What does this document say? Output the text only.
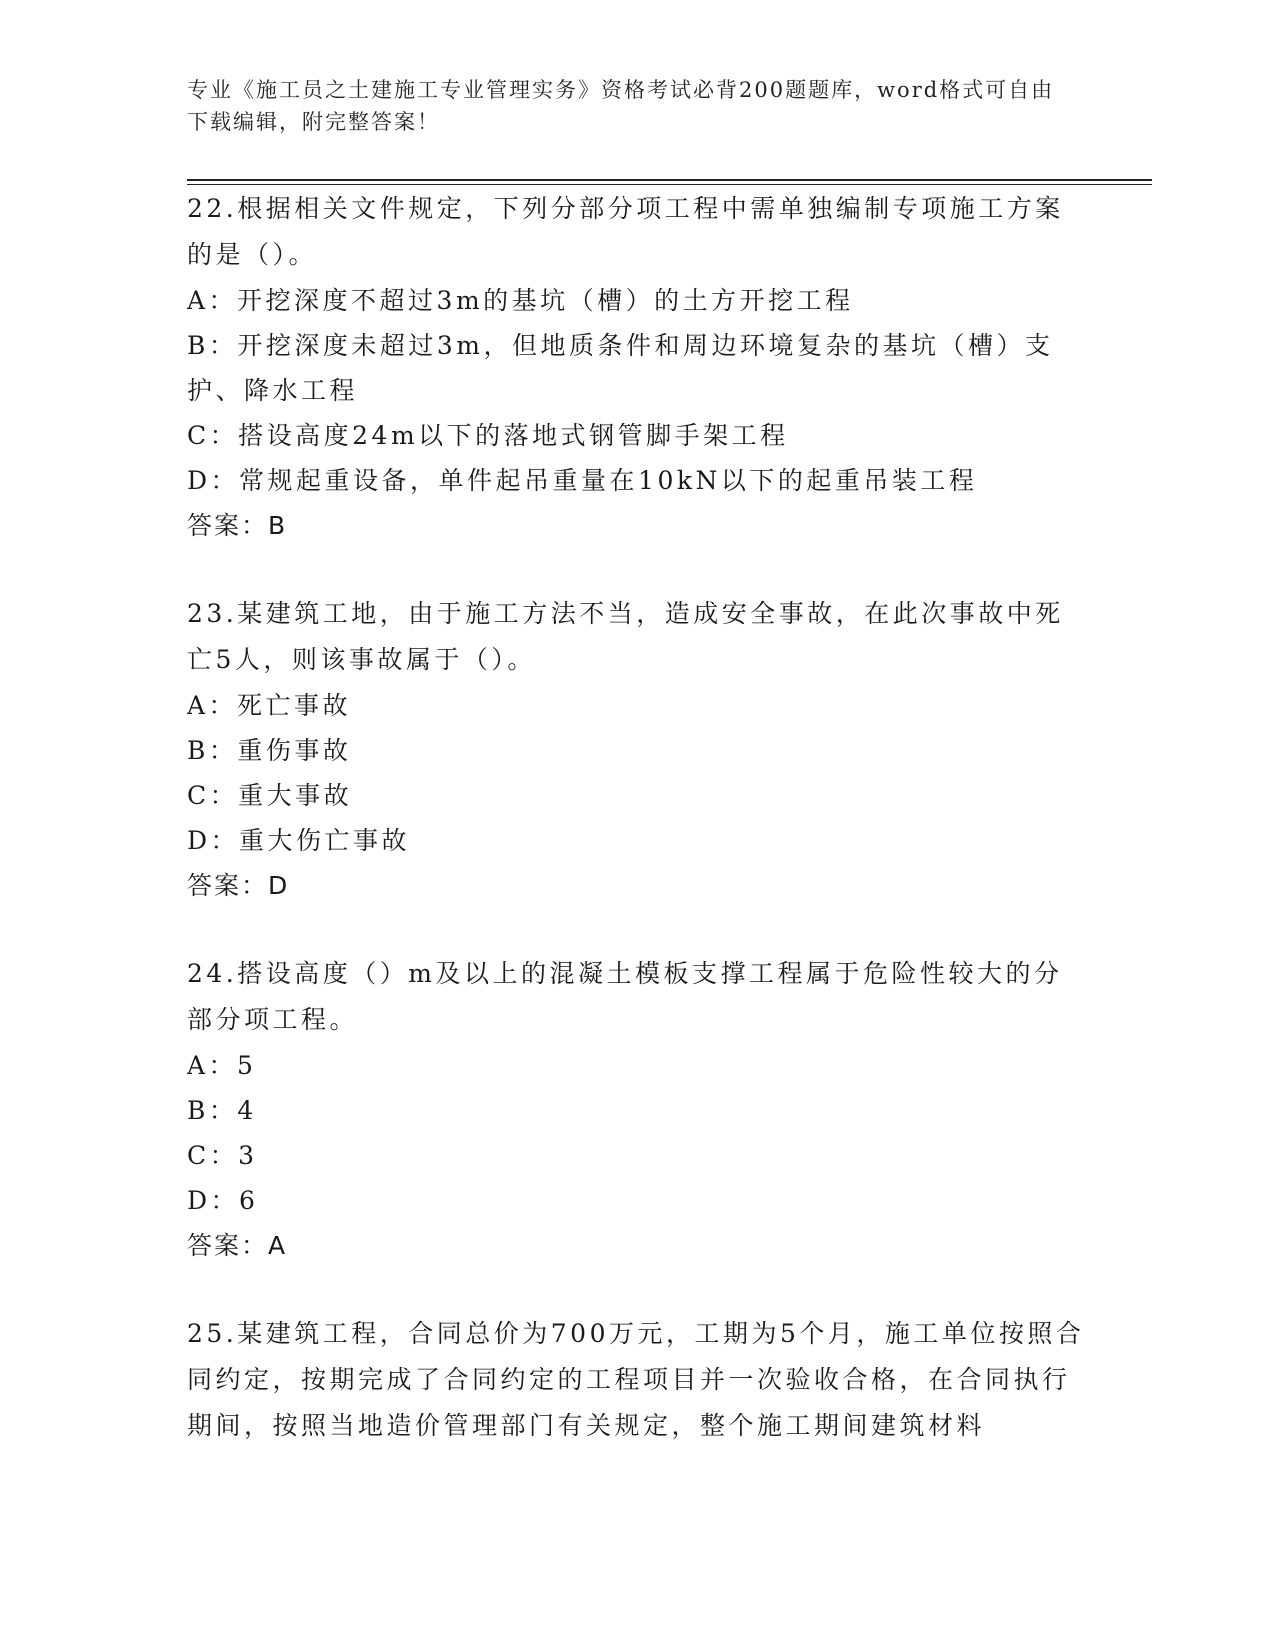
专业《施工员之土建施工专业管理实务》资格考试必背200题题库，word格式可自由下载编辑，附完整答案！

22.根据相关文件规定，下列分部分项工程中需单独编制专项施工方案的是（）。

A：开挖深度不超过3m的基坑（槽）的土方开挖工程

B：开挖深度未超过3m，但地质条件和周边环境复杂的基坑（槽）支护、降水工程

C：搭设高度24m以下的落地式钢管脚手架工程

D：常规起重设备，单件起吊重量在10kN以下的起重吊装工程

答案：B

23.某建筑工地，由于施工方法不当，造成安全事故，在此次事故中死亡5人，则该事故属于（）。

A：死亡事故

B：重伤事故

C：重大事故

D：重大伤亡事故

答案：D

24.搭设高度（）m及以上的混凝土模板支撑工程属于危险性较大的分部分项工程。

A：5

B：4

C：3

D：6

答案：A

25.某建筑工程，合同总价为700万元，工期为5个月，施工单位按照合同约定，按期完成了合同约定的工程项目并一次验收合格，在合同执行期间，按照当地造价管理部门有关规定，整个施工期间建筑材料
